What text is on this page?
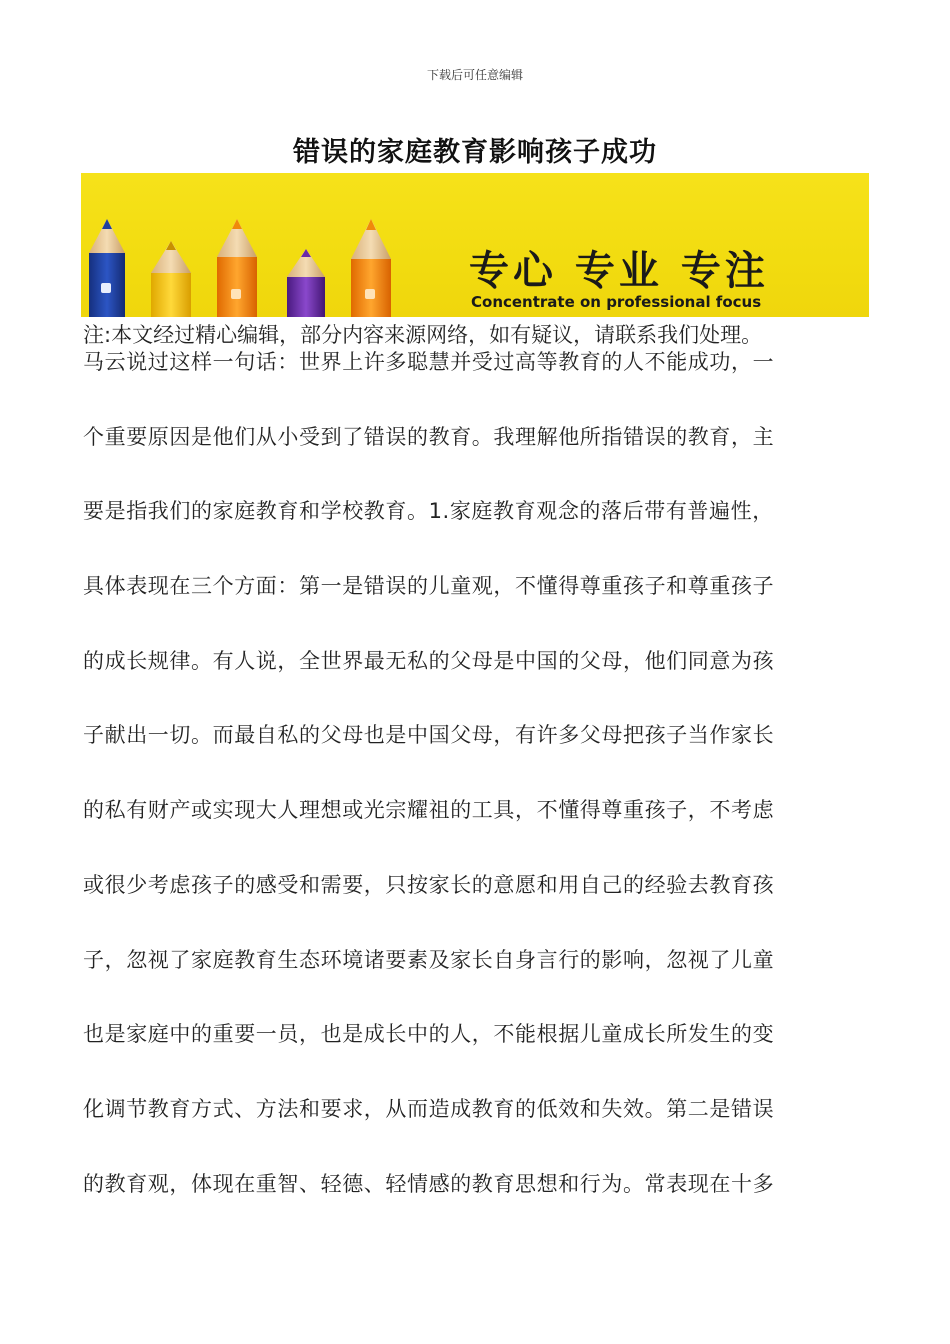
下载后可任意编辑
错误的家庭教育影响孩子成功
专心 专业 专注
Concentrate on professional focus
注:本文经过精心编辑，部分内容来源网络，如有疑议，请联系我们处理。
马云说过这样一句话：世界上许多聪慧并受过高等教育的人不能成功，一
个重要原因是他们从小受到了错误的教育。我理解他所指错误的教育，主
要是指我们的家庭教育和学校教育。1.家庭教育观念的落后带有普遍性，
具体表现在三个方面：第一是错误的儿童观，不懂得尊重孩子和尊重孩子
的成长规律。有人说，全世界最无私的父母是中国的父母，他们同意为孩
子献出一切。而最自私的父母也是中国父母，有许多父母把孩子当作家长
的私有财产或实现大人理想或光宗耀祖的工具，不懂得尊重孩子，不考虑
或很少考虑孩子的感受和需要，只按家长的意愿和用自己的经验去教育孩
子，忽视了家庭教育生态环境诸要素及家长自身言行的影响，忽视了儿童
也是家庭中的重要一员，也是成长中的人，不能根据儿童成长所发生的变
化调节教育方式、方法和要求，从而造成教育的低效和失效。第二是错误
的教育观，体现在重智、轻德、轻情感的教育思想和行为。常表现在十多
